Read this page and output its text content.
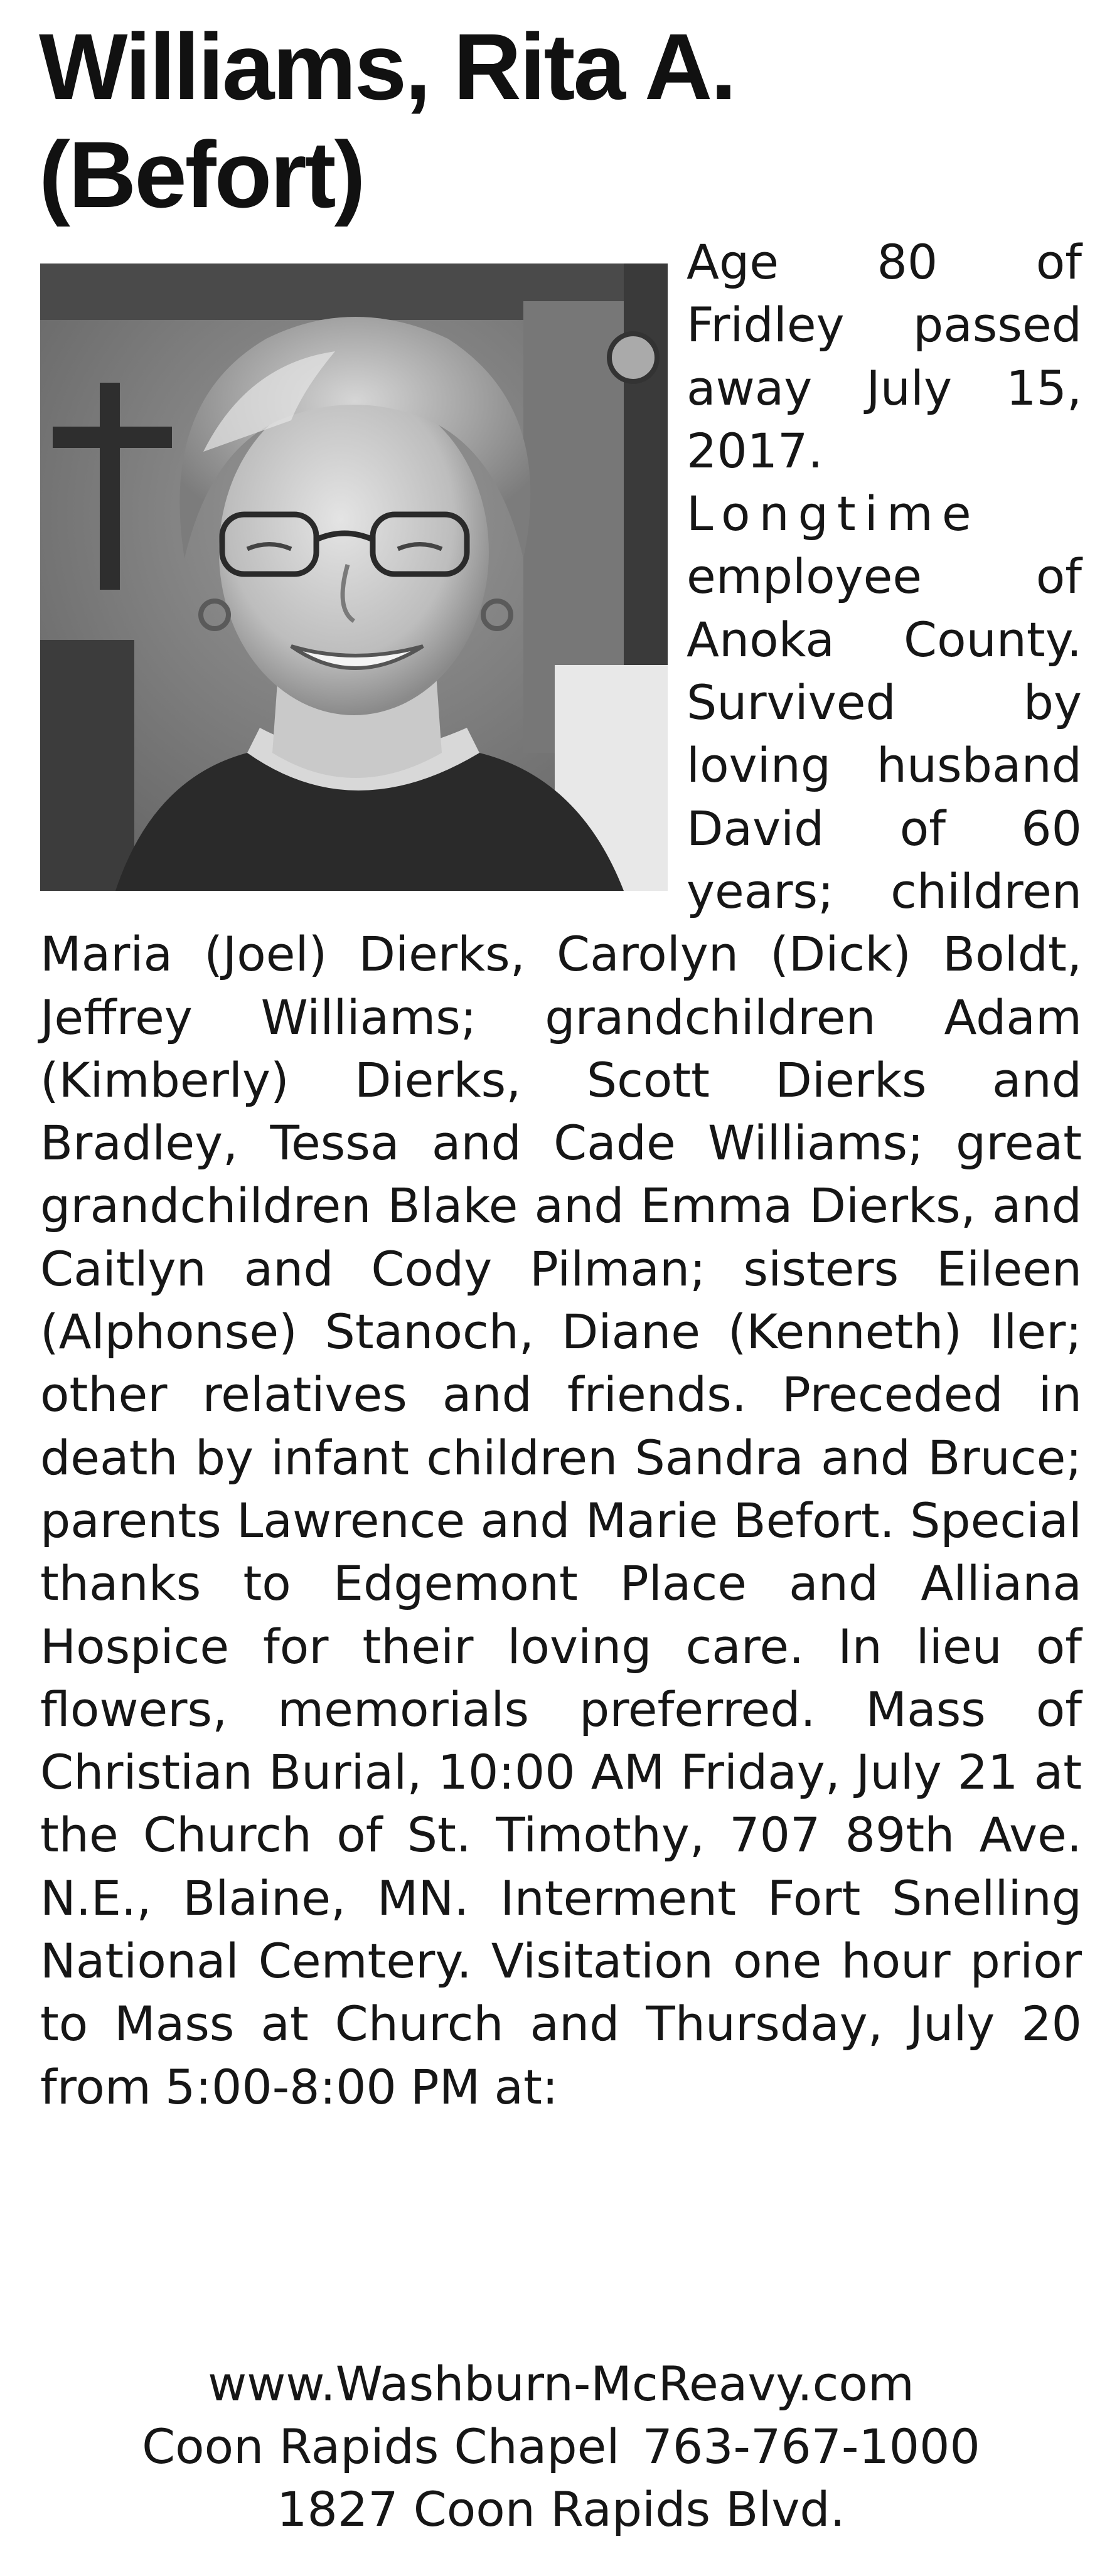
Williams, Rita A.
(Befort)

Age 80 of Fridley passed away July 15, 2017. Longtime employee of Anoka County. Survived by loving husband David of 60 years; children Maria (Joel) Dierks, Carolyn (Dick) Boldt, Jeffrey Williams; grandchildren Adam (Kimberly) Dierks, Scott Dierks and Bradley, Tessa and Cade Williams; great grandchildren Blake and Emma Dierks, and Caitlyn and Cody Pilman; sisters Eileen (Alphonse) Stanoch, Diane (Kenneth) Iler; other relatives and friends. Preceded in death by infant children Sandra and Bruce; parents Lawrence and Marie Befort. Special thanks to Edgemont Place and Alliana Hospice for their loving care. In lieu of flowers, memorials preferred. Mass of Christian Burial, 10:00 AM Friday, July 21 at the Church of St. Timothy, 707 89th Ave. N.E., Blaine, MN. Interment Fort Snelling National Cemtery. Visitation one hour prior to Mass at Church and Thursday, July 20 from 5:00-8:00 PM at:

www.Washburn-McReavy.com
Coon Rapids Chapel 763-767-1000
1827 Coon Rapids Blvd.
